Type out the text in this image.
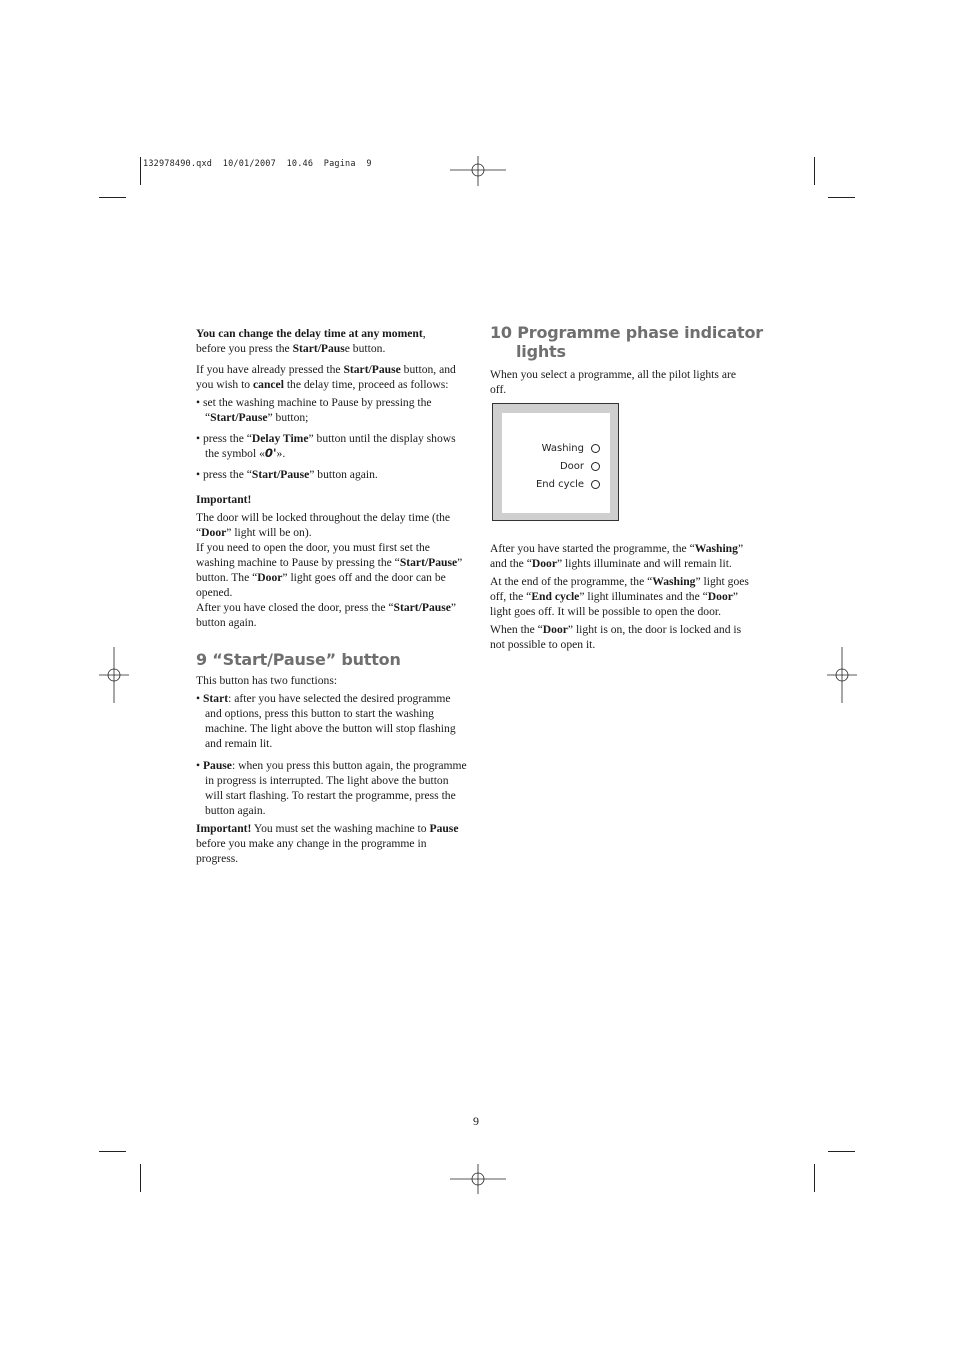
132978490.qxd  10/01/2007  10.46  Pagina  9

You can change the delay time at any moment,
before you press the Start/Pause button.

If you have already pressed the Start/Pause button, and you wish to cancel the delay time, proceed as follows:

• set the washing machine to Pause by pressing the “Start/Pause” button;

• press the “Delay Time” button until the display shows the symbol «0'».

• press the “Start/Pause” button again.

Important!

The door will be locked throughout the delay time (the “Door” light will be on).
If you need to open the door, you must first set the washing machine to Pause by pressing the “Start/Pause” button. The “Door” light goes off and the door can be opened.
After you have closed the door, press the “Start/Pause” button again.

9 “Start/Pause” button

This button has two functions:

• Start: after you have selected the desired programme and options, press this button to start the washing machine. The light above the button will stop flashing and remain lit.

• Pause: when you press this button again, the programme in progress is interrupted. The light above the button will start flashing. To restart the programme, press the button again.

Important! You must set the washing machine to Pause before you make any change in the programme in progress.

10 Programme phase indicator lights

When you select a programme, all the pilot lights are off.

Washing
Door
End cycle

After you have started the programme, the “Washing” and the “Door” lights illuminate and will remain lit.

At the end of the programme, the “Washing” light goes off, the “End cycle” light illuminates and the “Door” light goes off. It will be possible to open the door.

When the “Door” light is on, the door is locked and is not possible to open it.

9
